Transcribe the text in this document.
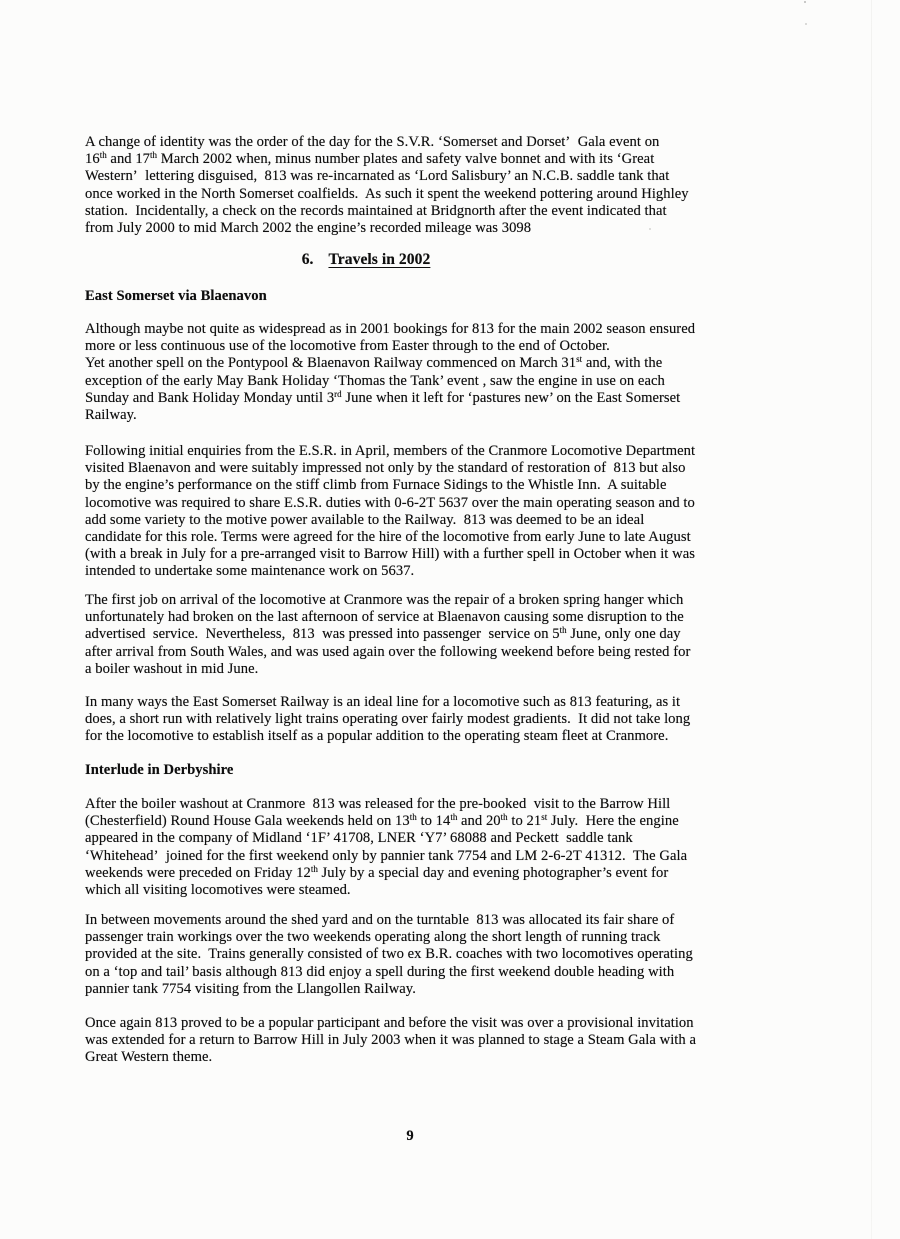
A change of identity was the order of the day for the S.V.R. ‘Somerset and Dorset’  Gala event on
16th and 17th March 2002 when, minus number plates and safety valve bonnet and with its ‘Great
Western’  lettering disguised,  813 was re-incarnated as ‘Lord Salisbury’ an N.C.B. saddle tank that
once worked in the North Somerset coalfields.  As such it spent the weekend pottering around Highley
station.  Incidentally, a check on the records maintained at Bridgnorth after the event indicated that
from July 2000 to mid March 2002 the engine’s recorded mileage was 3098
6. Travels in 2002
East Somerset via Blaenavon
Although maybe not quite as widespread as in 2001 bookings for 813 for the main 2002 season ensured
more or less continuous use of the locomotive from Easter through to the end of October.
Yet another spell on the Pontypool & Blaenavon Railway commenced on March 31st and, with the
exception of the early May Bank Holiday ‘Thomas the Tank’ event , saw the engine in use on each
Sunday and Bank Holiday Monday until 3rd June when it left for ‘pastures new’ on the East Somerset
Railway.
Following initial enquiries from the E.S.R. in April, members of the Cranmore Locomotive Department
visited Blaenavon and were suitably impressed not only by the standard of restoration of  813 but also
by the engine’s performance on the stiff climb from Furnace Sidings to the Whistle Inn.  A suitable
locomotive was required to share E.S.R. duties with 0-6-2T 5637 over the main operating season and to
add some variety to the motive power available to the Railway.  813 was deemed to be an ideal
candidate for this role. Terms were agreed for the hire of the locomotive from early June to late August
(with a break in July for a pre-arranged visit to Barrow Hill) with a further spell in October when it was
intended to undertake some maintenance work on 5637.
The first job on arrival of the locomotive at Cranmore was the repair of a broken spring hanger which
unfortunately had broken on the last afternoon of service at Blaenavon causing some disruption to the
advertised  service.  Nevertheless,  813  was pressed into passenger  service on 5th June, only one day
after arrival from South Wales, and was used again over the following weekend before being rested for
a boiler washout in mid June.
In many ways the East Somerset Railway is an ideal line for a locomotive such as 813 featuring, as it
does, a short run with relatively light trains operating over fairly modest gradients.  It did not take long
for the locomotive to establish itself as a popular addition to the operating steam fleet at Cranmore.
Interlude in Derbyshire
After the boiler washout at Cranmore  813 was released for the pre-booked  visit to the Barrow Hill
(Chesterfield) Round House Gala weekends held on 13th to 14th and 20th to 21st July.  Here the engine
appeared in the company of Midland ‘1F’ 41708, LNER ‘Y7’ 68088 and Peckett  saddle tank
‘Whitehead’  joined for the first weekend only by pannier tank 7754 and LM 2-6-2T 41312.  The Gala
weekends were preceded on Friday 12th July by a special day and evening photographer’s event for
which all visiting locomotives were steamed.
In between movements around the shed yard and on the turntable  813 was allocated its fair share of
passenger train workings over the two weekends operating along the short length of running track
provided at the site.  Trains generally consisted of two ex B.R. coaches with two locomotives operating
on a ‘top and tail’ basis although 813 did enjoy a spell during the first weekend double heading with
pannier tank 7754 visiting from the Llangollen Railway.
Once again 813 proved to be a popular participant and before the visit was over a provisional invitation
was extended for a return to Barrow Hill in July 2003 when it was planned to stage a Steam Gala with a
Great Western theme.
9
